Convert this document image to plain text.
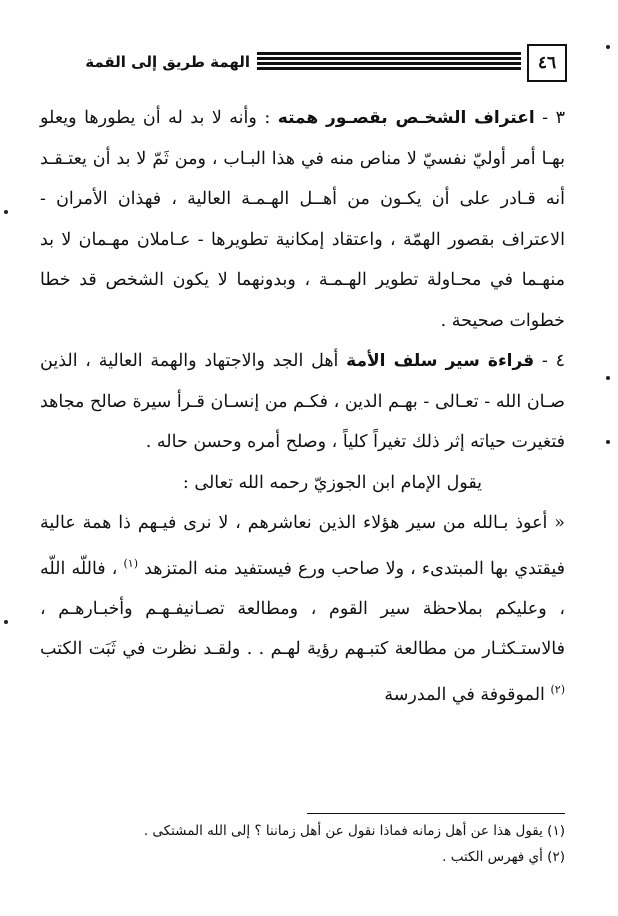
٤٦
الهمة طريق إلى القمة

٣ - اعتراف الشخـص بقصـور همته : وأنه لا بد له أن يطورها ويعلو بهـا أمر أوليّ نفسيّ لا مناص منه في هذا البـاب ، ومن ثَمّ لا بد أن يعتـقـد أنه قـادر على أن يكـون من أهــل الهـمـة العالية ، فهذان الأمران - الاعتراف بقصور الهمّة ، واعتقاد إمكانية تطويرها - عـاملان مهـمان لا بد منهـما في محـاولة تطوير الهـمـة ، وبدونهما لا يكون الشخص قد خطا خطوات صحيحة .

٤ - قراءة سير سلف الأمة أهل الجد والاجتهاد والهمة العالية ، الذين صـان الله - تعـالى - بهـم الدين ، فكـم من إنسـان قـرأ سيرة صالح مجاهد فتغيرت حياته إثر ذلك تغيراً كلياً ، وصلح أمره وحسن حاله .

يقول الإمام ابن الجوزيّ رحمه الله تعالى :

« أعوذ بـالله من سير هؤلاء الذين نعاشرهم ، لا نرى فيـهم ذا همة عالية فيقتدي بها المبتدىء ، ولا صاحب ورع فيستفيد منه المتزهد $^{(١)}$ ، فاللّه اللّه ، وعليكم بملاحظة سير القوم ، ومطالعة تصـانيفـهـم وأخبـارهـم ، فالاستـكثـار من مطالعة كتبـهم رؤية لهـم . . ولقـد نظرت في ثَبَت الكتب $^{(٢)}$ الموقوفة في المدرسة

(١) يقول هذا عن أهل زمانه فماذا نقول عن أهل زماننا ؟ إلى الله المشتكى .
(٢) أي فهرس الكتب .
